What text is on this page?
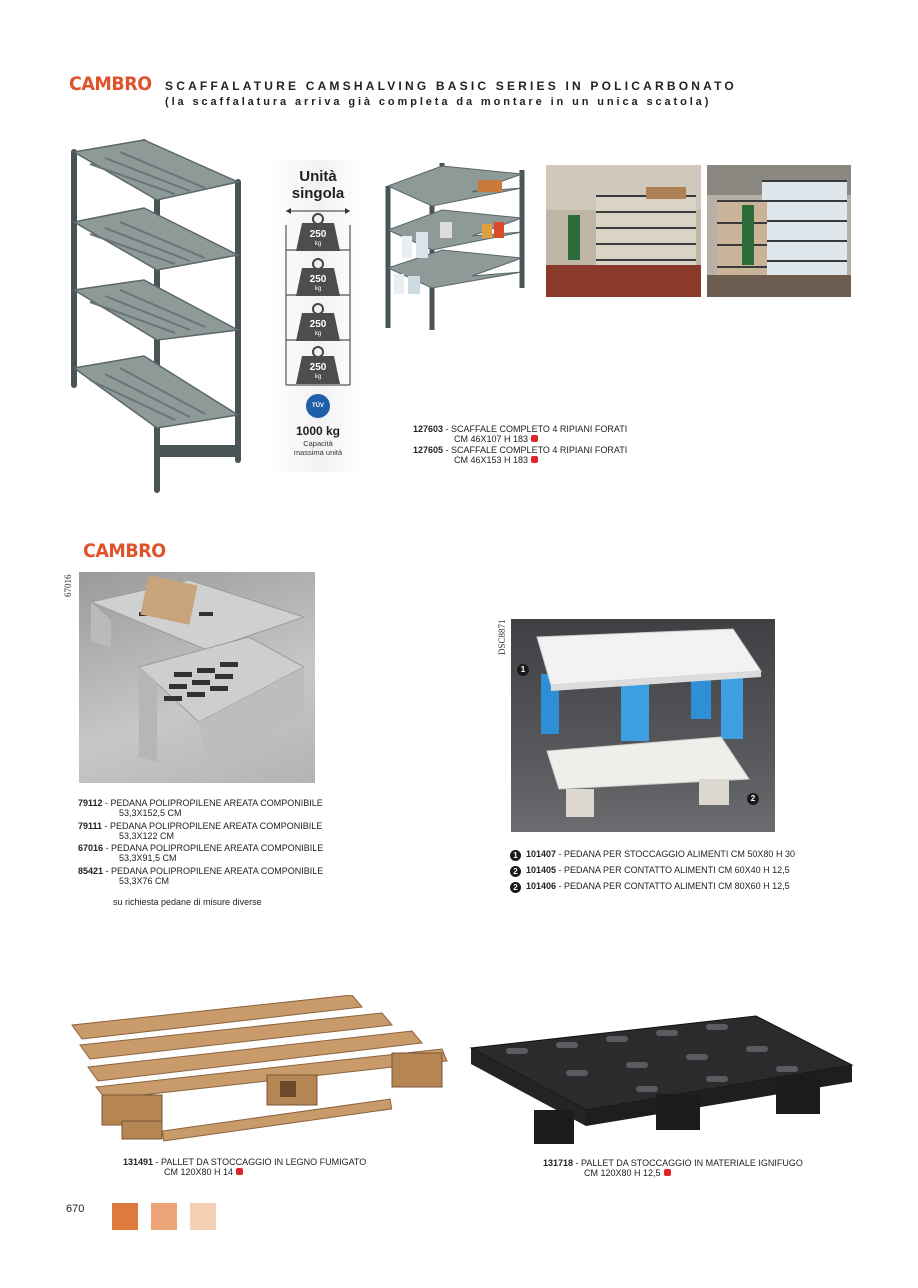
CAMBRO SCAFFALATURE CAMSHALVING BASIC SERIES IN POLICARBONATO
(la scaffalatura arriva già completa da montare in un unica scatola)
Unità
singola
250
kg
250
kg
250
kg
250
kg
TÜV
1000 kg
Capacità
massima unità
127603 - SCAFFALE COMPLETO 4 RIPIANI FORATI
CM 46X107 H 183
127605 - SCAFFALE COMPLETO 4 RIPIANI FORATI
CM 46X153 H 183
CAMBRO
67016
79112 - PEDANA POLIPROPILENE AREATA COMPONIBILE
53,3X152,5 CM
79111 - PEDANA POLIPROPILENE AREATA COMPONIBILE
53,3X122 CM
67016 - PEDANA POLIPROPILENE AREATA COMPONIBILE
53,3X91,5 CM
85421 - PEDANA POLIPROPILENE AREATA COMPONIBILE
53,3X76 CM
su richiesta pedane di misure diverse
DSC8871
1
2
1 101407 - PEDANA PER STOCCAGGIO ALIMENTI CM 50X80 H 30
2 101405 - PEDANA PER CONTATTO ALIMENTI CM 60X40 H 12,5
2 101406 - PEDANA PER CONTATTO ALIMENTI CM 80X60 H 12,5
131491 - PALLET DA STOCCAGGIO IN LEGNO FUMIGATO
CM 120X80 H 14
131718 - PALLET DA STOCCAGGIO IN MATERIALE IGNIFUGO
CM 120X80 H 12,5
670
